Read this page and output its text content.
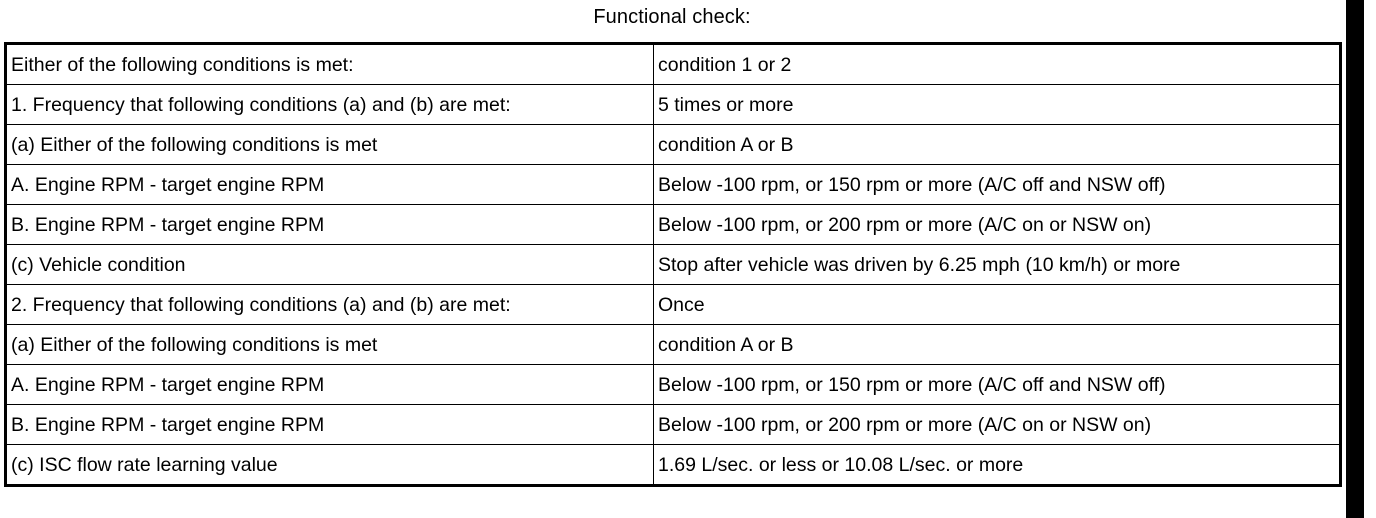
Functional check:
Either of the following conditions is met:	condition 1 or 2
1. Frequency that following conditions (a) and (b) are met:	5 times or more
(a) Either of the following conditions is met	condition A or B
A. Engine RPM - target engine RPM	Below -100 rpm, or 150 rpm or more (A/C off and NSW off)
B. Engine RPM - target engine RPM	Below -100 rpm, or 200 rpm or more (A/C on or NSW on)
(c) Vehicle condition	Stop after vehicle was driven by 6.25 mph (10 km/h) or more
2. Frequency that following conditions (a) and (b) are met:	Once
(a) Either of the following conditions is met	condition A or B
A. Engine RPM - target engine RPM	Below -100 rpm, or 150 rpm or more (A/C off and NSW off)
B. Engine RPM - target engine RPM	Below -100 rpm, or 200 rpm or more (A/C on or NSW on)
(c) ISC flow rate learning value	1.69 L/sec. or less or 10.08 L/sec. or more
